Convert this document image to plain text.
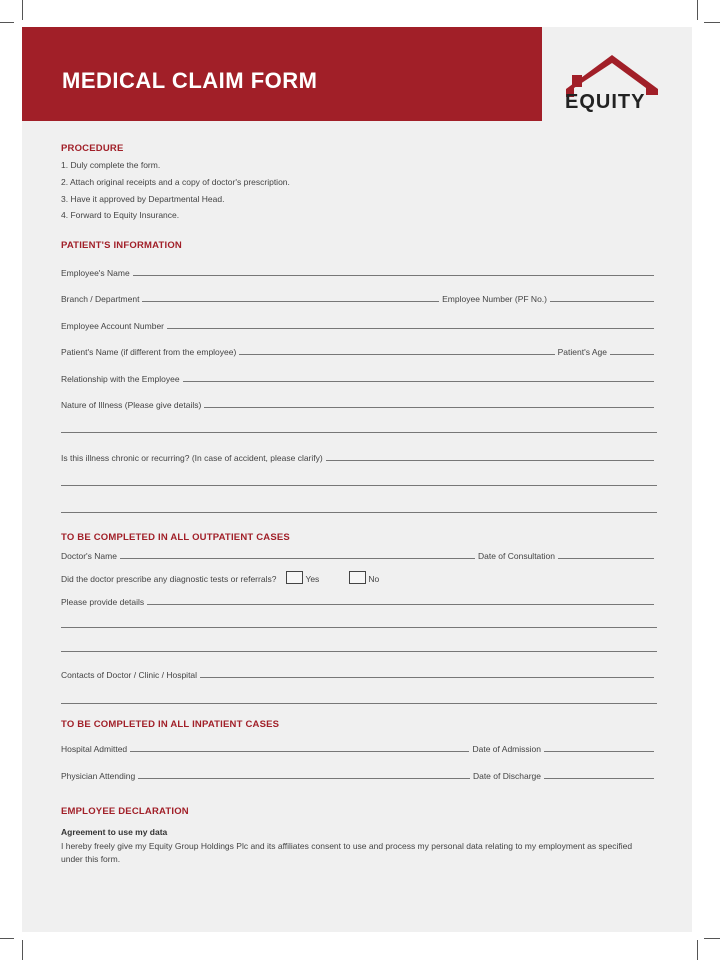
MEDICAL CLAIM FORM
EQUITY
PROCEDURE
1. Duly complete the form.
2. Attach original receipts and a copy of doctor's prescription.
3. Have it approved by Departmental Head.
4. Forward to Equity Insurance.
PATIENT'S INFORMATION
Employee's Name
Branch / Department	Employee Number (PF No.)
Employee Account Number
Patient's Name (if different from the employee)	Patient's Age
Relationship with the Employee
Nature of Illness (Please give details)
Is this illness chronic or recurring? (In case of accident, please clarify)
TO BE COMPLETED IN ALL OUTPATIENT CASES
Doctor's Name	Date of Consultation
Did the doctor prescribe any diagnostic tests or referrals?	Yes	No
Please provide details
Contacts of Doctor / Clinic / Hospital
TO BE COMPLETED IN ALL INPATIENT CASES
Hospital Admitted	Date of Admission
Physician Attending	Date of Discharge
EMPLOYEE DECLARATION
Agreement to use my data
I hereby freely give my Equity Group Holdings Plc and its affiliates consent to use and process my personal data relating to my employment as specified under this form.
